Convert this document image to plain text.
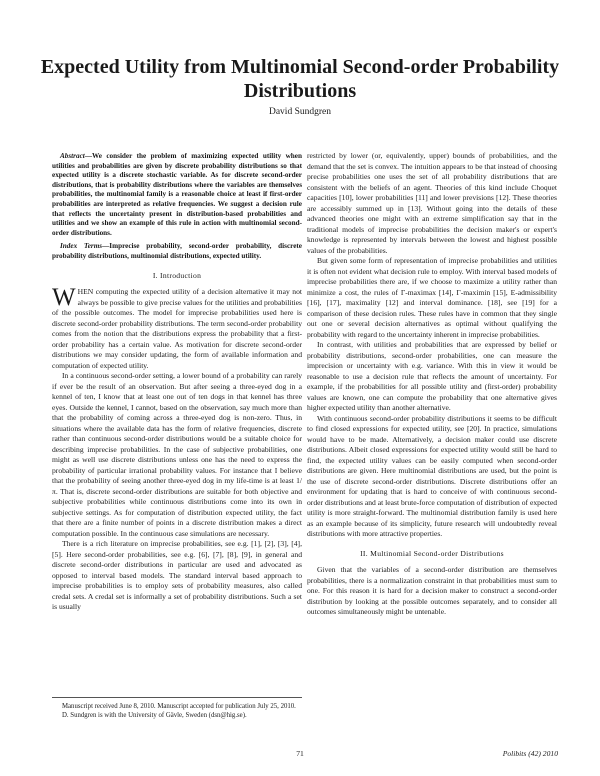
Expected Utility from Multinomial Second-order Probability Distributions
David Sundgren

Abstract—We consider the problem of maximizing expected utility when utilities and probabilities are given by discrete probability distributions so that expected utility is a discrete stochastic variable. As for discrete second-order distributions, that is probability distributions where the variables are themselves probabilities, the multinomial family is a reasonable choice at least if first-order probabilities are interpreted as relative frequencies. We suggest a decision rule that reflects the uncertainty present in distribution-based probabilities and utilities and we show an example of this rule in action with multinomial second-order distributions.

Index Terms—Imprecise probability, second-order probability, discrete probability distributions, multinomial distributions, expected utility.

I. Introduction

WHEN computing the expected utility of a decision alternative it may not always be possible to give precise values for the utilities and probabilities of the possible outcomes. The model for imprecise probabilities used here is discrete second-order probability distributions. The term second-order probability comes from the notion that the distributions express the probability that a first-order probability has a certain value. As motivation for discrete second-order distributions we may consider updating, the form of available information and computation of expected utility.

In a continuous second-order setting, a lower bound of a probability can rarely if ever be the result of an observation. But after seeing a three-eyed dog in a kennel of ten, I know that at least one out of ten dogs in that kennel has three eyes. Outside the kennel, I cannot, based on the observation, say much more than that the probability of coming across a three-eyed dog is non-zero. Thus, in situations where the available data has the form of relative frequencies, discrete rather than continuous second-order distributions would be a suitable choice for describing imprecise probabilities. In the case of subjective probabilities, one might as well use discrete distributions unless one has the need to express the probability of particular irrational probability values. For instance that I believe that the probability of seeing another three-eyed dog in my life-time is at least 1/π. That is, discrete second-order distributions are suitable for both objective and subjective probabilities while continuous distributions come into its own in subjective settings. As for computation of distribution expected utility, the fact that there are a finite number of points in a discrete distribution makes a direct computation possible. In the continuous case simulations are necessary.

There is a rich literature on imprecise probabilities, see e.g. [1], [2], [3], [4], [5]. Here second-order probabilities, see e.g. [6], [7], [8], [9], in general and discrete second-order distributions in particular are used and advocated as opposed to interval based models. The standard interval based approach to imprecise probabilities is to employ sets of probability measures, also called credal sets. A credal set is informally a set of probability distributions. Such a set is usually

restricted by lower (or, equivalently, upper) bounds of probabilities, and the demand that the set is convex. The intuition appears to be that instead of choosing precise probabilities one uses the set of all probability distributions that are consistent with the beliefs of an agent. Theories of this kind include Choquet capacities [10], lower probabilities [11] and lower previsions [12]. These theories are accessibly summed up in [13]. Without going into the details of these advanced theories one might with an extreme simplification say that in the traditional models of imprecise probabilities the decision maker's or expert's knowledge is represented by intervals between the lowest and highest possible values of the probabilities.

But given some form of representation of imprecise probabilities and utilities it is often not evident what decision rule to employ. With interval based models of imprecise probabilities there are, if we choose to maximize a utility rather than minimize a cost, the rules of Γ-maximax [14], Γ-maximin [15], E-admissibility [16], [17], maximality [12] and interval dominance. [18], see [19] for a comparison of these decision rules. These rules have in common that they single out one or several decision alternatives as optimal without qualifying the probability with regard to the uncertainty inherent in imprecise probabilities.

In contrast, with utilities and probabilities that are expressed by belief or probability distributions, second-order probabilities, one can measure the imprecision or uncertainty with e.g. variance. With this in view it would be reasonable to use a decision rule that reflects the amount of uncertainty. For example, if the probabilities for all possible utility and (first-order) probability values are known, one can compute the probability that one alternative gives higher expected utility than another alternative.

With continuous second-order probability distributions it seems to be difficult to find closed expressions for expected utility, see [20]. In practice, simulations would have to be made. Alternatively, a decision maker could use discrete distributions. Albeit closed expressions for expected utility would still be hard to find, the expected utility values can be easily computed when second-order distributions are given. Here multinomial distributions are used, but the point is the use of discrete second-order distributions. Discrete distributions offer an environment for updating that is hard to conceive of with continuous second-order distributions and at least brute-force computation of distribution of expected utility is more straight-forward. The multinomial distribution family is used here as an example because of its simplicity, future research will undoubtedly reveal distributions with more attractive properties.

II. Multinomial Second-order Distributions

Given that the variables of a second-order distribution are themselves probabilities, there is a normalization constraint in that probabilities must sum to one. For this reason it is hard for a decision maker to construct a second-order distribution by looking at the possible outcomes separately, and to consider all outcomes simultaneously might be untenable.

Manuscript received June 8, 2010. Manuscript accepted for publication July 25, 2010.

D. Sundgren is with the University of Gävle, Sweden (dsn@hig.se).

71	Polibits (42) 2010
